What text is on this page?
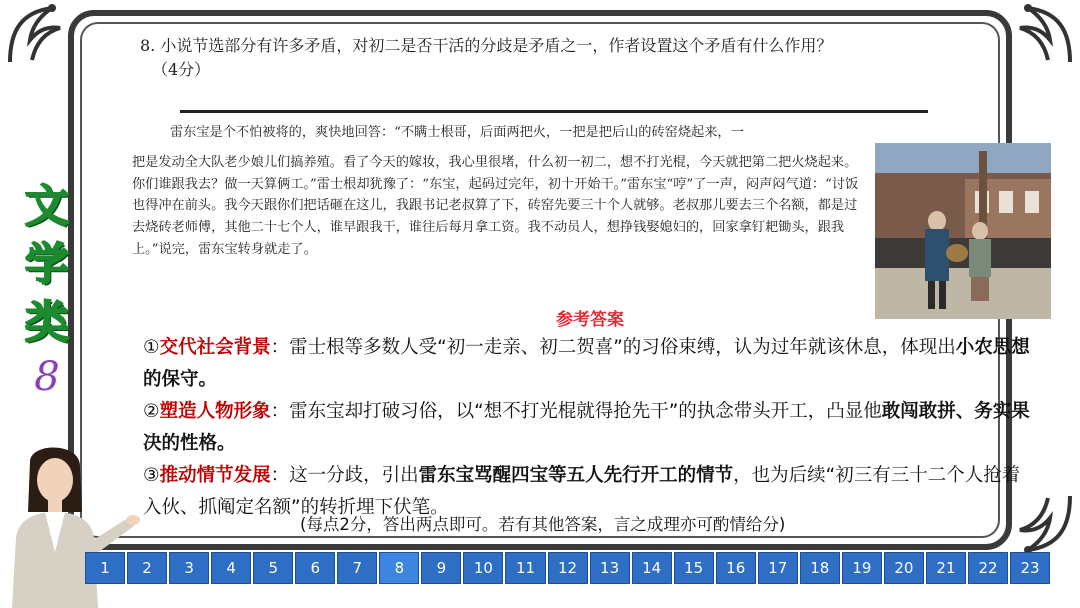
8. 小说节选部分有许多矛盾，对初二是否干活的分歧是矛盾之一，作者设置这个矛盾有什么作用？
（4分）

雷东宝是个不怕被将的，爽快地回答：“不瞒士根哥，后面两把火，一把是把后山的砖窑烧起来，一

把是发动全大队老少娘儿们搞养殖。看了今天的嫁妆，我心里很堵，什么初一初二，想不打光棍，今天就把第二把火烧起来。你们谁跟我去？做一天算俩工。”雷士根却犹豫了：“东宝，起码过完年，初十开始干。”雷东宝“哼”了一声，闷声闷气道：“讨饭也得冲在前头。我今天跟你们把话砸在这儿，我跟书记老叔算了下，砖窑先要三十个人就够。老叔那儿要去三个名额，都是过去烧砖老师傅，其他二十七个人，谁早跟我干，谁往后每月拿工资。我不动员人，想挣钱娶媳妇的，回家拿钉耙锄头，跟我上。”说完，雷东宝转身就走了。

文
学
类
8
参考答案

①交代社会背景：雷士根等多数人受“初一走亲、初二贺喜”的习俗束缚，认为过年就该休息，体现出小农思想的保守。

②塑造人物形象：雷东宝却打破习俗，以“想不打光棍就得抢先干”的执念带头开工，凸显他敢闯敢拼、务实果决的性格。

③推动情节发展：这一分歧，引出雷东宝骂醒四宝等五人先行开工的情节，也为后续“初三有三十二个人抢着入伙、抓阄定名额”的转折埋下伏笔。

(每点2分，答出两点即可。若有其他答案，言之成理亦可酌情给分)
1	2	3	4	5	6	7	8	9	10	11	12	13	14	15	16	17	18	19	20	21	22	23
